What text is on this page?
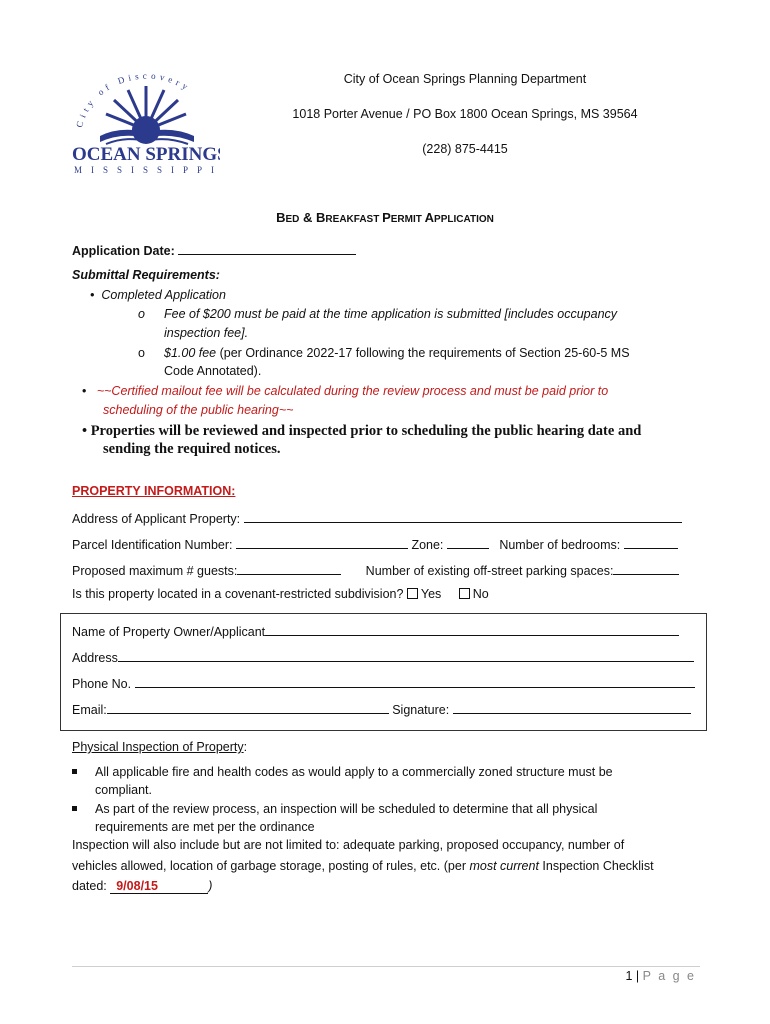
City of Discovery
OCEAN SPRINGS
MISSISSIPPI
City of Ocean Springs Planning Department
1018 Porter Avenue / PO Box 1800 Ocean Springs, MS 39564
(228) 875-4415
BED & BREAKFAST PERMIT APPLICATION
Application Date:
Submittal Requirements:
• Completed Application
o Fee of $200 must be paid at the time application is submitted [includes occupancy
inspection fee].
o $1.00 fee (per Ordinance 2022-17 following the requirements of Section 25-60-5 MS
Code Annotated).
• ~~Certified mailout fee will be calculated during the review process and must be paid prior to
scheduling of the public hearing~~
• Properties will be reviewed and inspected prior to scheduling the public hearing date and
sending the required notices.
PROPERTY INFORMATION:
Address of Applicant Property:
Parcel Identification Number:	Zone:	Number of bedrooms:
Proposed maximum # guests:	Number of existing off-street parking spaces:
Is this property located in a covenant-restricted subdivision? Yes	No
Name of Property Owner/Applicant
Address
Phone No.
Email:	Signature:
Physical Inspection of Property:
All applicable fire and health codes as would apply to a commercially zoned structure must be
compliant.
As part of the review process, an inspection will be scheduled to determine that all physical
requirements are met per the ordinance
Inspection will also include but are not limited to: adequate parking, proposed occupancy, number of
vehicles allowed, location of garbage storage, posting of rules, etc. (per most current Inspection Checklist
dated: 9/08/15	)
1 | P a g e
